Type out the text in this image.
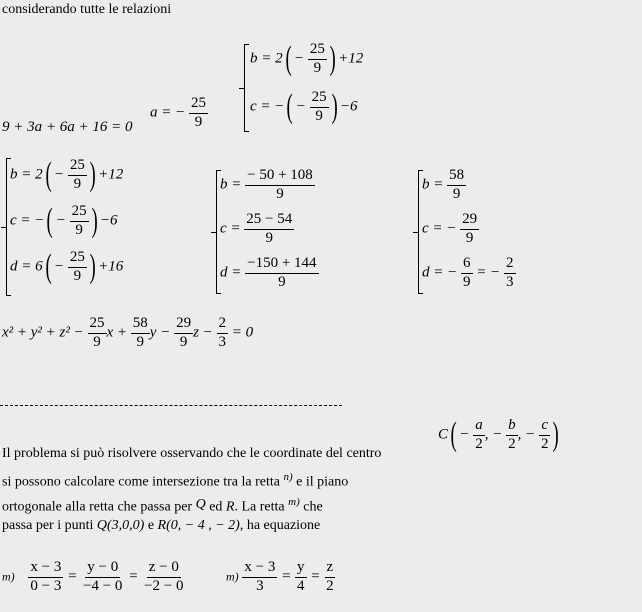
considerando tutte le relazioni
9 + 3a + 6a + 16 = 0
a = − $\frac{25}{9}$
$b = 2( - \frac{25}{9}$ ) +12
c = −( − $\frac{25}{9}$ ) −6
$b = 2( - \frac{25}{9}$ ) +12
c = −( − $\frac{25}{9}$ ) −6
$d = 6( - \frac{25}{9}$ ) +16
$b = \frac{- 50 + 108}{9}$
$c = \frac{25 - 54}{9}$
$d = \frac{-150 + 144}{9}$
$b = \frac{58}{9}$
c = − $\frac{29}{9}$
d = − $\frac{6}{9}$ = − $\frac{2}{3}$
$x^2 + y^2 + z^2 - \frac{25}{9}$ $x + \frac{58}{9}$ $y - \frac{29}{9}$ $z - \frac{2}{3} = 0$
$C( - \frac{a}{2}$ , − $\frac{b}{2}$ , − $\frac{c}{2}$ )
Il problema si può risolvere osservando che le coordinate del centro
si possono calcolare come intersezione tra la retta $^{n)}$ e il piano
ortogonale alla retta che passa per Q ed R. La retta $^{m)}$ che
passa per i punti Q(3,0,0) e R(0, − 4 , − 2), ha equazione
$m) \frac{x - 3}{0 - 3} = \frac{y - 0}{-4 - 0} = \frac{z - 0}{-2 - 0}$	$m) \frac{x - 3}{3} = \frac{y}{4} = \frac{z}{2}$
